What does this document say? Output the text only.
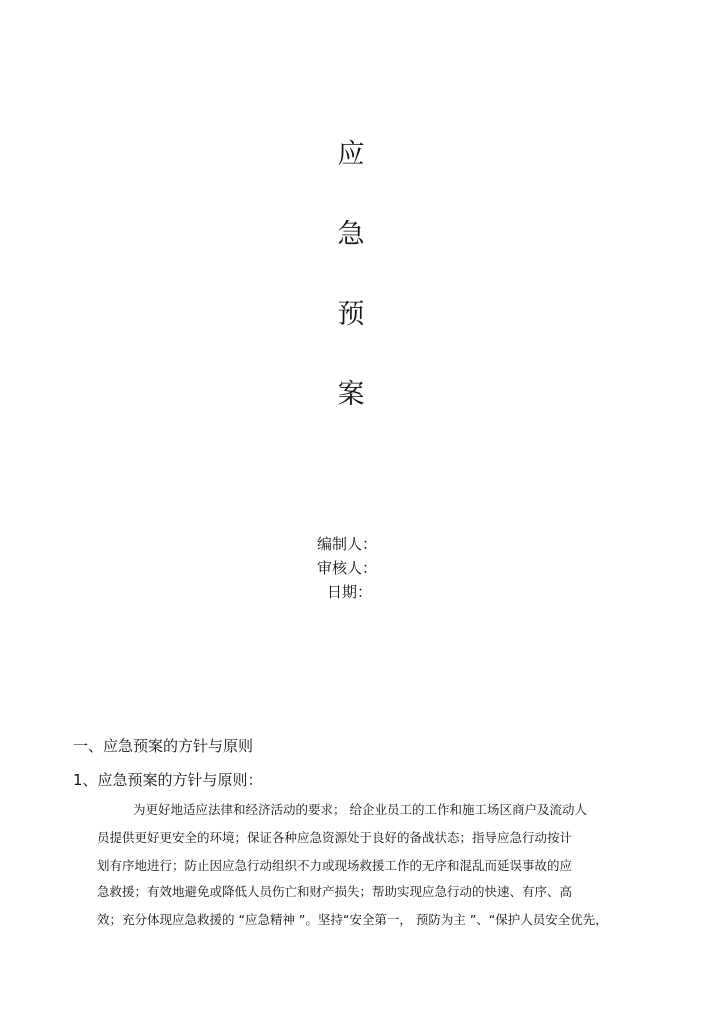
应
急
预
案
编制人：
审核人：
日期：
一、应急预案的方针与原则
1、应急预案的方针与原则：
为更好地适应法律和经济活动的要求； 给企业员工的工作和施工场区商户及流动人
员提供更好更安全的环境；保证各种应急资源处于良好的备战状态；指导应急行动按计
划有序地进行；防止因应急行动组织不力或现场救援工作的无序和混乱而延误事故的应
急救援；有效地避免或降低人员伤亡和财产损失；帮助实现应急行动的快速、有序、高
效；充分体现应急救援的 “应急精神 ”。坚持“安全第一， 预防为主 ”、“保护人员安全优先，
